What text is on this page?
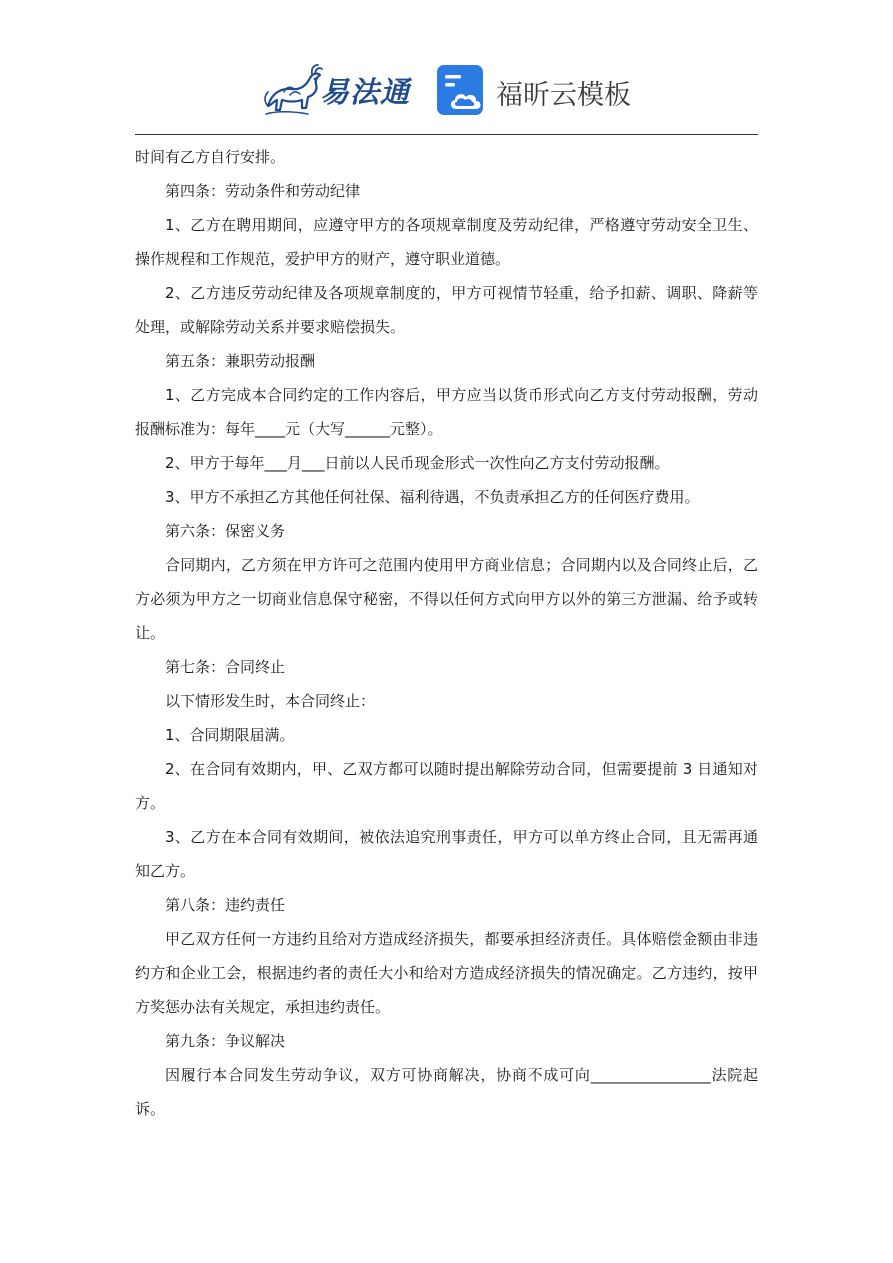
易法通	福昕云模板

时间有乙方自行安排。

第四条：劳动条件和劳动纪律

1、乙方在聘用期间，应遵守甲方的各项规章制度及劳动纪律，严格遵守劳动安全卫生、操作规程和工作规范，爱护甲方的财产，遵守职业道德。

2、乙方违反劳动纪律及各项规章制度的，甲方可视情节轻重，给予扣薪、调职、降薪等处理，或解除劳动关系并要求赔偿损失。

第五条：兼职劳动报酬

1、乙方完成本合同约定的工作内容后，甲方应当以货币形式向乙方支付劳动报酬，劳动报酬标准为：每年____元（大写______元整）。

2、甲方于每年___月___日前以人民币现金形式一次性向乙方支付劳动报酬。

3、甲方不承担乙方其他任何社保、福利待遇，不负责承担乙方的任何医疗费用。

第六条：保密义务

合同期内，乙方须在甲方许可之范围内使用甲方商业信息；合同期内以及合同终止后，乙方必须为甲方之一切商业信息保守秘密，不得以任何方式向甲方以外的第三方泄漏、给予或转让。

第七条：合同终止

以下情形发生时，本合同终止：

1、合同期限届满。

2、在合同有效期内，甲、乙双方都可以随时提出解除劳动合同，但需要提前 3 日通知对方。

3、乙方在本合同有效期间，被依法追究刑事责任，甲方可以单方终止合同，且无需再通知乙方。

第八条：违约责任

甲乙双方任何一方违约且给对方造成经济损失，都要承担经济责任。具体赔偿金额由非违约方和企业工会，根据违约者的责任大小和给对方造成经济损失的情况确定。乙方违约，按甲方奖惩办法有关规定，承担违约责任。

第九条：争议解决

因履行本合同发生劳动争议，双方可协商解决，协商不成可向________________法院起诉。
